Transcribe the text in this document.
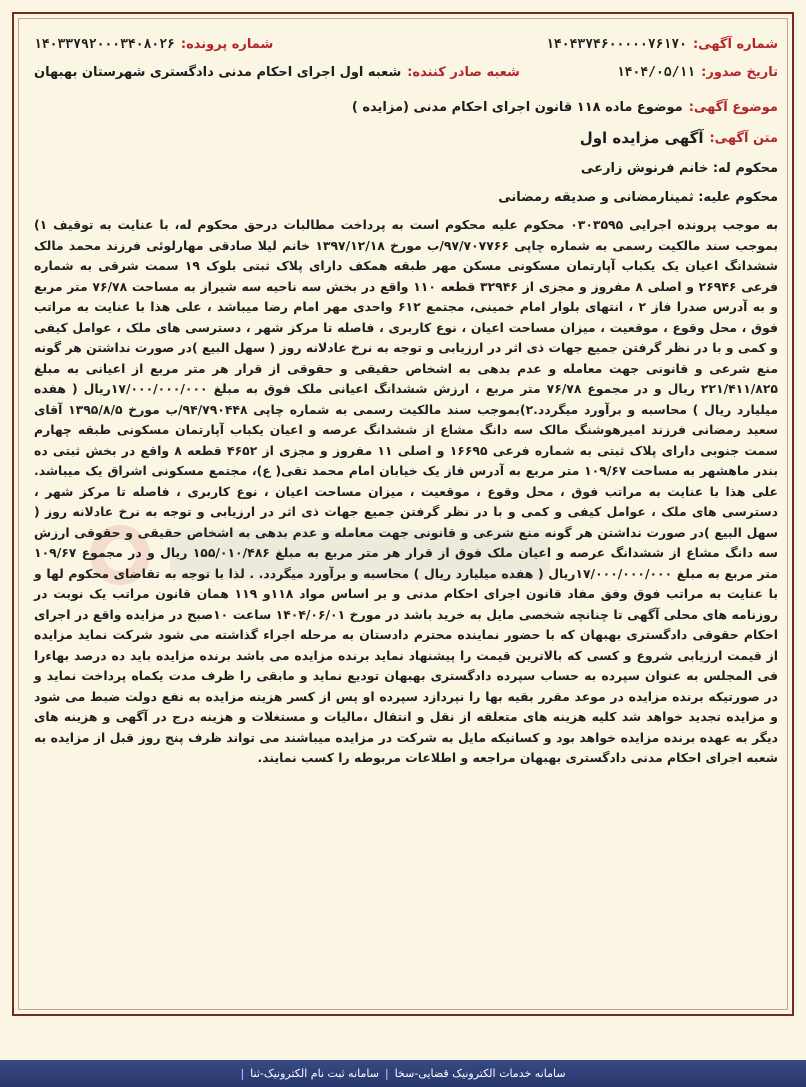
شماره آگهی:
۱۴۰۴۳۷۴۶۰۰۰۰۰۷۶۱۷۰
شماره پرونده:
۱۴۰۳۳۷۹۲۰۰۰۳۴۰۸۰۲۶
تاریخ صدور:
۱۴۰۴/۰۵/۱۱
شعبه صادر کننده:
شعبه اول اجرای احکام مدنی دادگستری شهرستان بهبهان
موضوع آگهی:
موضوع ماده ۱۱۸ قانون اجرای احکام مدنی (مزایده )
متن آگهی:
آگهی مزایده اول
محکوم له: خانم فرنوش زارعی
محکوم علیه: ثمینارمضانی و صدیقه رمضانی
به موجب پرونده اجرایی ۰۳۰۳۵۹۵ محکوم علیه محکوم است به پرداخت مطالبات درحق محکوم له، با عنایت به توقیف ۱) بموجب سند مالکیت رسمی به شماره چاپی ۹۷/۷۰۷۷۶۶/ب مورخ ۱۳۹۷/۱۲/۱۸ خانم لیلا صادقی مهارلوئی فرزند محمد مالک ششدانگ اعیان یک یکباب آپارتمان مسکونی مسکن مهر طبقه همکف دارای پلاک ثبتی بلوک ۱۹ سمت شرقی به شماره فرعی ۲۶۹۴۶ و اصلی ۸ مفروز و مجزی از ۳۲۹۴۶ قطعه ۱۱۰ واقع در بخش سه ناحیه سه شیراز به مساحت ۷۶/۷۸ متر مربع و به آدرس صدرا فاز ۲ ، انتهای بلوار امام خمینی، مجتمع ۶۱۲ واحدی مهر امام رضا میباشد ، علی هذا با عنایت به مراتب فوق ، محل وقوع ، موقعیت ، میزان مساحت اعیان ، نوع کاربری ، فاصله تا مرکز شهر ، دسترسی های ملک ، عوامل کیفی و کمی و با در نظر گرفتن جمیع جهات ذی اثر در ارزیابی و توجه به نرخ عادلانه روز ( سهل البیع )در صورت نداشتن هر گونه منع شرعی و قانونی جهت معامله و عدم بدهی به اشخاص حقیقی و حقوقی از قرار هر متر مربع از اعیانی به مبلغ ۲۲۱/۴۱۱/۸۲۵ ریال و در مجموع ۷۶/۷۸ متر مربع ، ارزش ششدانگ اعیانی ملک فوق به مبلغ ۱۷/۰۰۰/۰۰۰/۰۰۰ریال ( هفده میلیارد ریال ) محاسبه و برآورد میگردد.۲)بموجب سند مالکیت رسمی به شماره چاپی ۹۴/۷۹۰۴۴۸/ب مورخ ۱۳۹۵/۸/۵ آقای سعید رمضانی فرزند امیرهوشنگ مالک سه دانگ مشاع از ششدانگ عرصه و اعیان یکباب آپارتمان مسکونی طبقه چهارم سمت جنوبی دارای پلاک ثبتی به شماره فرعی ۱۶۶۹۵ و اصلی ۱۱ مفروز و مجزی از ۴۶۵۲ قطعه ۸ واقع در بخش ثبتی ده بندر ماهشهر به مساحت ۱۰۹/۶۷ متر مربع به آدرس فاز یک خیابان امام محمد تقی( ع)، مجتمع مسکونی اشراق یک میباشد. علی هذا با عنایت به مراتب فوق ، محل وقوع ، موقعیت ، میزان مساحت اعیان ، نوع کاربری ، فاصله تا مرکز شهر ، دسترسی های ملک ، عوامل کیفی و کمی و با در نظر گرفتن جمیع جهات ذی اثر در ارزیابی و توجه به نرخ عادلانه روز ( سهل البیع )در صورت نداشتن هر گونه منع شرعی و قانونی جهت معامله و عدم بدهی به اشخاص حقیقی و حقوقی ارزش سه دانگ مشاع از ششدانگ عرصه و اعیان ملک فوق از قرار هر متر مربع به مبلغ ۱۵۵/۰۱۰/۴۸۶ ریال و در مجموع ۱۰۹/۶۷ متر مربع به مبلغ ۱۷/۰۰۰/۰۰۰/۰۰۰ریال ( هفده میلیارد ریال ) محاسبه و برآورد میگردد. . لذا با توجه به تقاضای محکوم لها و با عنایت به مراتب فوق وفق مفاد قانون اجرای احکام مدنی و بر اساس مواد ۱۱۸و ۱۱۹ همان قانون مراتب یک نوبت در روزنامه های محلی آگهی تا چنانچه شخصی مایل به خرید باشد در مورخ ۱۴۰۴/۰۶/۰۱ ساعت ۱۰صبح در مزایده واقع در اجرای احکام حقوقی دادگستری بهبهان که با حضور نماینده محترم دادستان به مرحله اجراء گذاشته می شود شرکت نماید مزایده از قیمت ارزیابی شروع و کسی که بالاترین قیمت را پیشنهاد نماید برنده مزایده می باشد برنده مزایده باید ده درصد بهاءرا فی المجلس به عنوان سپرده به حساب سپرده دادگستری بهبهان تودیع نماید و مابقی را ظرف مدت یکماه پرداخت نماید و در صورتیکه برنده مزایده در موعد مقرر بقیه بها را نپردازد سپرده او پس از کسر هزینه مزایده به نفع دولت ضبط می شود و مزایده تجدید خواهد شد کلیه هزینه های متعلقه از نقل و انتقال ،مالیات و مستغلات و هزینه درج در آگهی و هزینه های دیگر به عهده برنده مزایده خواهد بود و کسانیکه مایل به شرکت در مزایده میباشند می تواند ظرف پنج روز قبل از مزایده به شعبه اجرای احکام مدنی دادگستری بهبهان مراجعه و اطلاعات مربوطه را کسب نمایند.
سامانه خدمات الکترونیک قضایی-سخا
|
سامانه ثبت نام الکترونیک-ثنا
|
